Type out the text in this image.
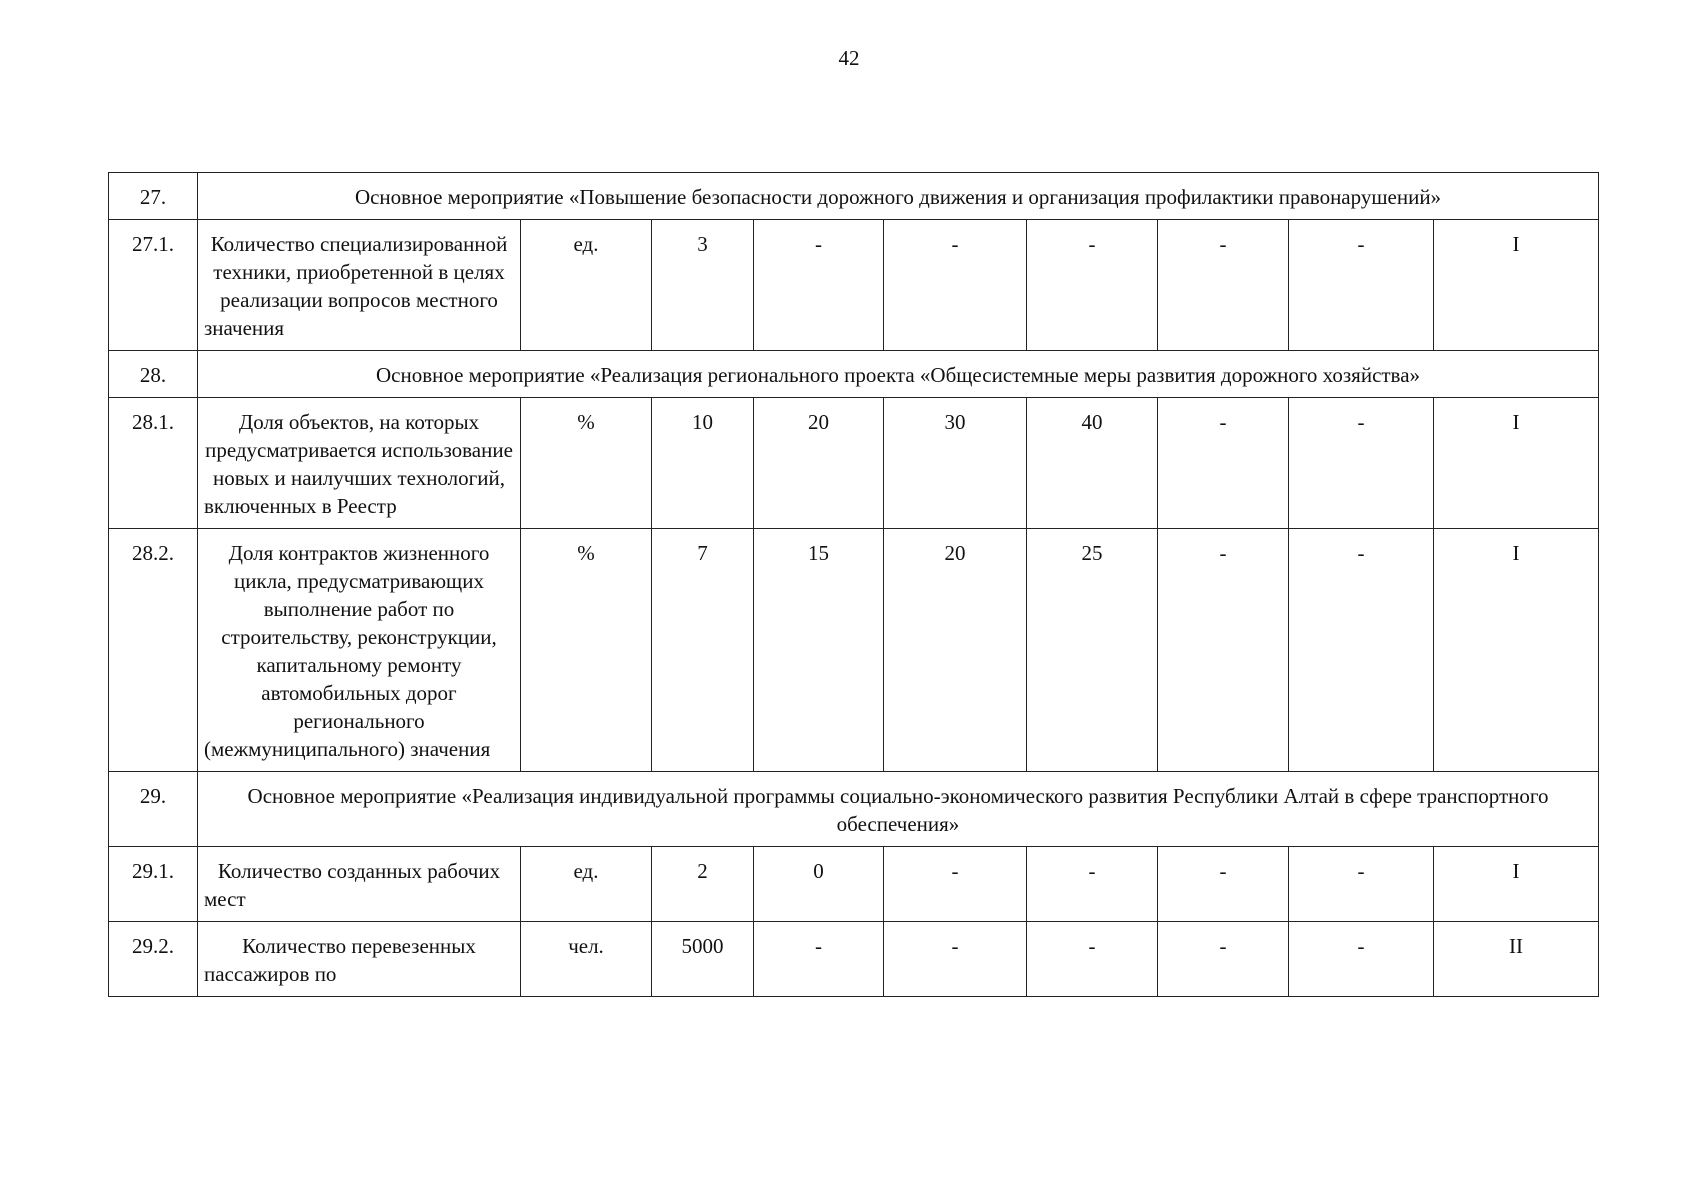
42
27.	Основное мероприятие «Повышение безопасности дорожного движения и организация профилактики правонарушений»								
27.1.	Количество специализированной техники, приобретенной в целях реализации вопросов местного значения	ед.	3	-	-	-	-	-	I
28.	Основное мероприятие «Реализация регионального проекта «Общесистемные меры развития дорожного хозяйства»								
28.1.	Доля объектов, на которых предусматривается использование новых и наилучших технологий, включенных в Реестр	%	10	20	30	40	-	-	I
28.2.	Доля контрактов жизненного цикла, предусматривающих выполнение работ по строительству, реконструкции, капитальному ремонту автомобильных дорог регионального (межмуниципального) значения	%	7	15	20	25	-	-	I
29.	Основное мероприятие «Реализация индивидуальной программы социально-экономического развития Республики Алтай в сфере транспортного обеспечения»								
29.1.	Количество созданных рабочих мест	ед.	2	0	-	-	-	-	I
29.2.	Количество перевезенных пассажиров по	чел.	5000	-	-	-	-	-	II
